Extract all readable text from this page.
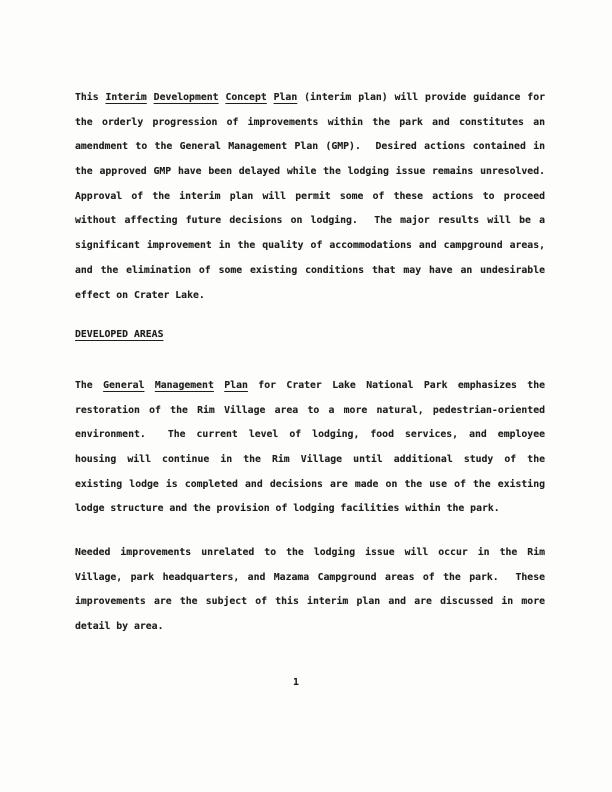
This Interim Development Concept Plan (interim plan) will provide guidance for
the orderly progression of improvements within the park and constitutes an
amendment to the General Management Plan (GMP).  Desired actions contained in
the approved GMP have been delayed while the lodging issue remains unresolved.
Approval of the interim plan will permit some of these actions to proceed
without affecting future decisions on lodging.  The major results will be a
significant improvement in the quality of accommodations and campground areas,
and the elimination of some existing conditions that may have an undesirable
effect on Crater Lake.
DEVELOPED AREAS
The General Management Plan for Crater Lake National Park emphasizes the
restoration of the Rim Village area to a more natural, pedestrian-oriented
environment.  The current level of lodging, food services, and employee
housing will continue in the Rim Village until additional study of the
existing lodge is completed and decisions are made on the use of the existing
lodge structure and the provision of lodging facilities within the park.
Needed improvements unrelated to the lodging issue will occur in the Rim
Village, park headquarters, and Mazama Campground areas of the park.  These
improvements are the subject of this interim plan and are discussed in more
detail by area.
1
